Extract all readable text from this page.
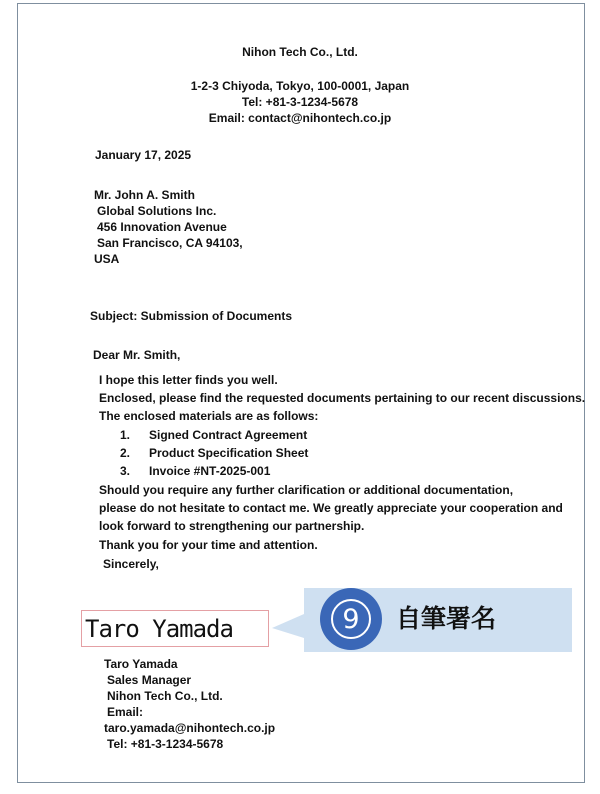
Nihon Tech Co., Ltd.
1-2-3 Chiyoda, Tokyo, 100-0001, Japan
Tel: +81-3-1234-5678
Email: contact@nihontech.co.jp
January 17, 2025
Mr. John A. Smith
Global Solutions Inc.
456 Innovation Avenue
San Francisco, CA 94103,
USA
Subject: Submission of Documents
Dear Mr. Smith,
I hope this letter finds you well.
Enclosed, please find the requested documents pertaining to our recent discussions.
The enclosed materials are as follows:
1. Signed Contract Agreement
2. Product Specification Sheet
3. Invoice #NT-2025-001
Should you require any further clarification or additional documentation,
please do not hesitate to contact me. We greatly appreciate your cooperation and
look forward to strengthening our partnership.
Thank you for your time and attention.
Sincerely,
Taro Yamada	9	自筆署名
Taro Yamada
Sales Manager
Nihon Tech Co., Ltd.
Email:
taro.yamada@nihontech.co.jp
Tel: +81-3-1234-5678
